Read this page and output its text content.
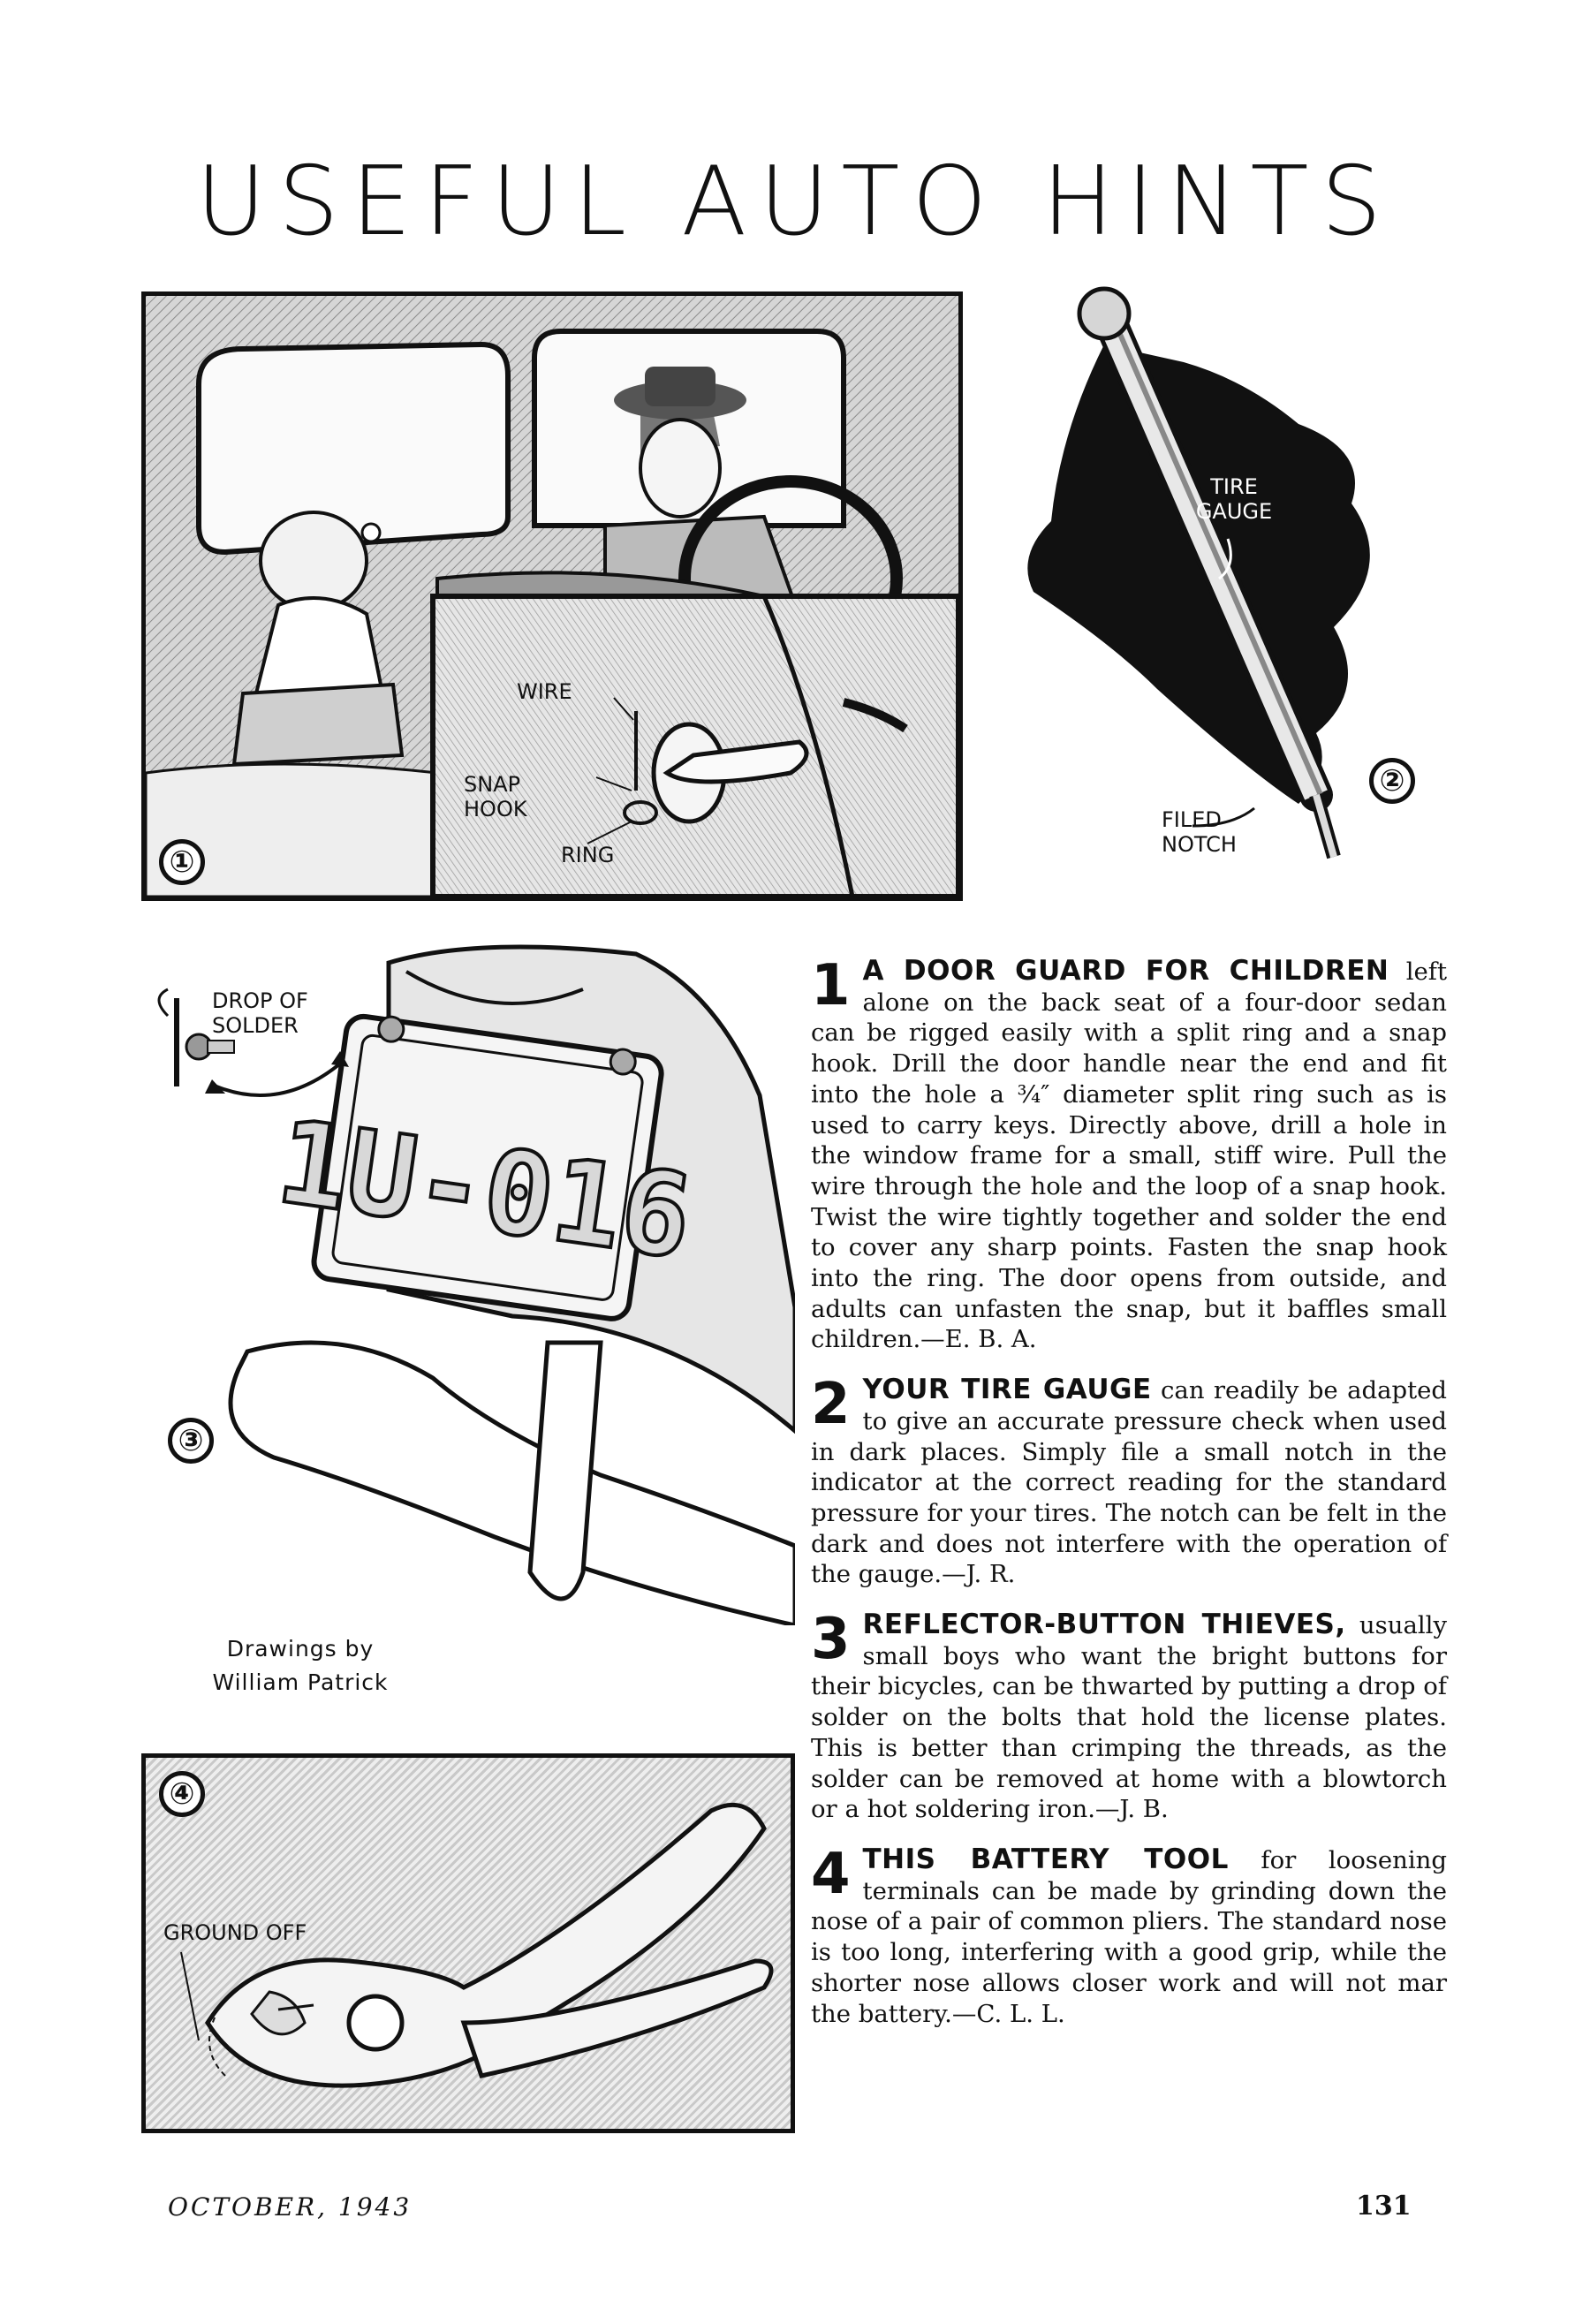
USEFUL AUTO HINTS
WIRE
SNAP
HOOK
RING
①
TIRE
GAUGE
FILED
NOTCH
②
1U-016
DROP OF
SOLDER
③
Drawings by
William Patrick
GROUND OFF
④

1 A DOOR GUARD FOR CHILDREN left alone on the back seat of a four-door sedan can be rigged easily with a split ring and a snap hook. Drill the door handle near the end and fit into the hole a ¾″ diameter split ring such as is used to carry keys. Directly above, drill a hole in the window frame for a small, stiff wire. Pull the wire through the hole and the loop of a snap hook. Twist the wire tightly together and solder the end to cover any sharp points. Fasten the snap hook into the ring. The door opens from outside, and adults can unfasten the snap, but it baffles small children.—E. B. A.

2 YOUR TIRE GAUGE can readily be adapted to give an accurate pressure check when used in dark places. Simply file a small notch in the indicator at the correct reading for the standard pressure for your tires. The notch can be felt in the dark and does not interfere with the operation of the gauge.—J. R.

3 REFLECTOR-BUTTON THIEVES, usually small boys who want the bright buttons for their bicycles, can be thwarted by putting a drop of solder on the bolts that hold the license plates. This is better than crimping the threads, as the solder can be removed at home with a blowtorch or a hot soldering iron.—J. B.

4 THIS BATTERY TOOL for loosening terminals can be made by grinding down the nose of a pair of common pliers. The standard nose is too long, interfering with a good grip, while the shorter nose allows closer work and will not mar the battery.—C. L. L.

OCTOBER, 1943	131
